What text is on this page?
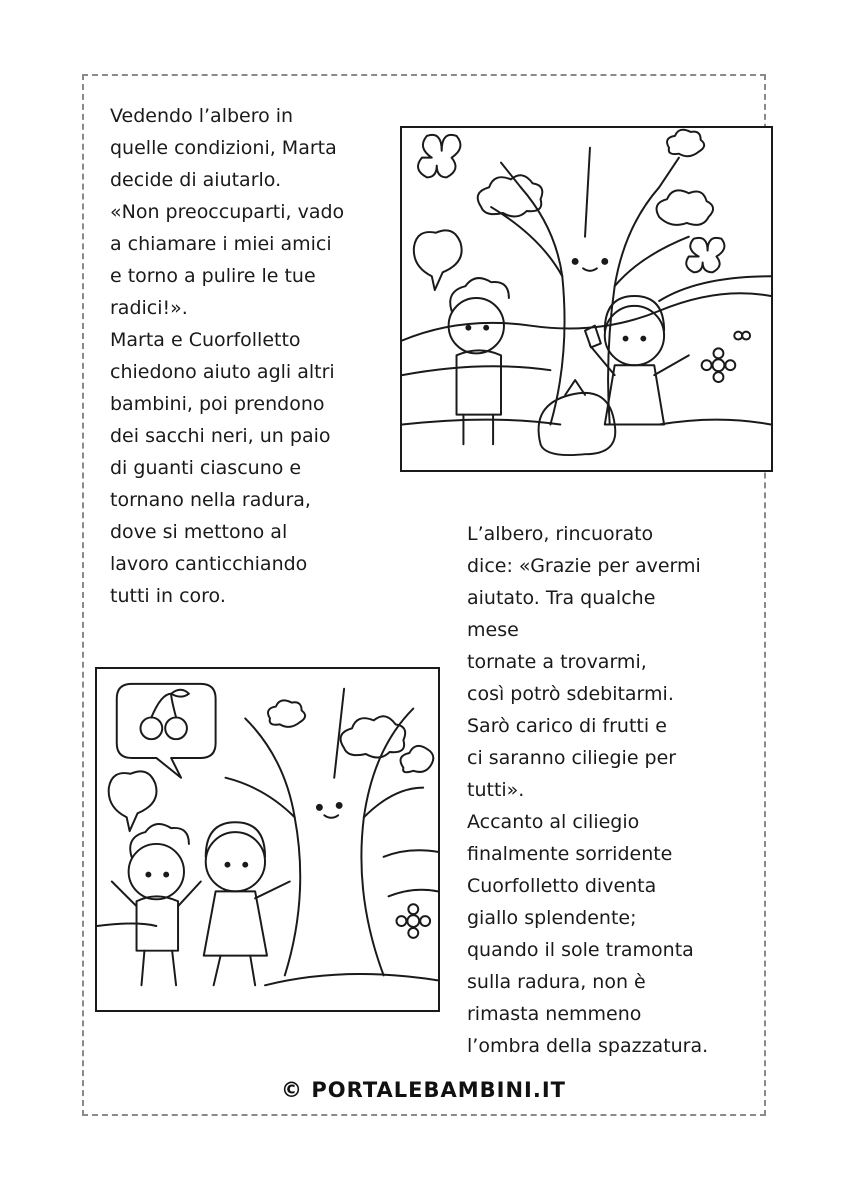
Vedendo l’albero in
quelle condizioni, Marta
decide di aiutarlo.
«Non preoccuparti, vado
a chiamare i miei amici
e torno a pulire le tue
radici!».
Marta e Cuorfolletto
chiedono aiuto agli altri
bambini, poi prendono
dei sacchi neri, un paio
di guanti ciascuno e
tornano nella radura,
dove si mettono al
lavoro canticchiando
tutti in coro.
L’albero, rincuorato
dice: «Grazie per avermi
aiutato. Tra qualche
mese
tornate a trovarmi,
così potrò sdebitarmi.
Sarò carico di frutti e
ci saranno ciliegie per
tutti».
Accanto al ciliegio
finalmente sorridente
Cuorfolletto diventa
giallo splendente;
quando il sole tramonta
sulla radura, non è
rimasta nemmeno
l’ombra della spazzatura.
© PORTALEBAMBINI.IT
